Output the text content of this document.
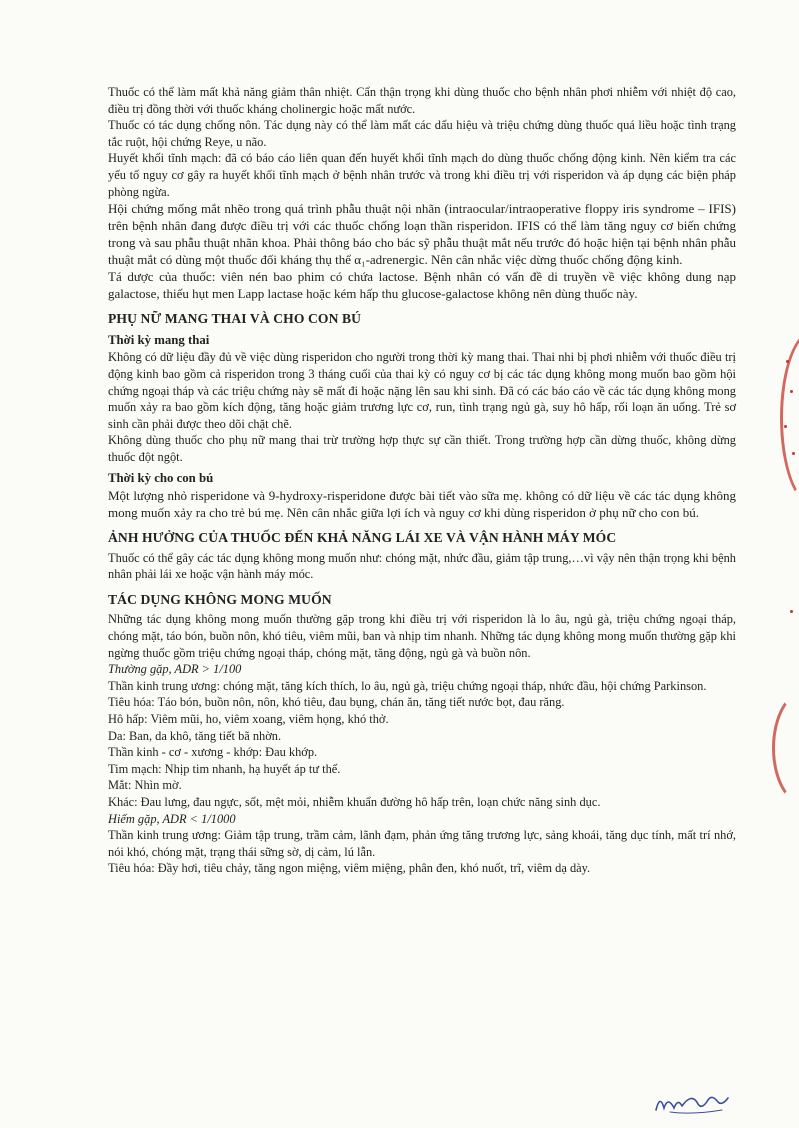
Thuốc có thể làm mất khả năng giảm thân nhiệt. Cẩn thận trọng khi dùng thuốc cho bệnh nhân phơi nhiễm với nhiệt độ cao, điều trị đồng thời với thuốc kháng cholinergic hoặc mất nước.

Thuốc có tác dụng chống nôn. Tác dụng này có thể làm mất các dấu hiệu và triệu chứng dùng thuốc quá liều hoặc tình trạng tắc ruột, hội chứng Reye, u não.

Huyết khối tĩnh mạch: đã có báo cáo liên quan đến huyết khối tĩnh mạch do dùng thuốc chống động kinh. Nên kiểm tra các yếu tố nguy cơ gây ra huyết khối tĩnh mạch ở bệnh nhân trước và trong khi điều trị với risperidon và áp dụng các biện pháp phòng ngừa.

Hội chứng mống mắt nhẽo trong quá trình phẫu thuật nội nhãn (intraocular/intraoperative floppy iris syndrome – IFIS) trên bệnh nhân đang được điều trị với các thuốc chống loạn thần risperidon. IFIS có thể làm tăng nguy cơ biến chứng trong và sau phẫu thuật nhãn khoa. Phải thông báo cho bác sỹ phẫu thuật mắt nếu trước đó hoặc hiện tại bệnh nhân phẫu thuật mắt có dùng một thuốc đối kháng thụ thể α₁-adrenergic. Nên cân nhắc việc dừng thuốc chống động kinh.

Tá dược của thuốc: viên nén bao phim có chứa lactose. Bệnh nhân có vấn đề di truyền về việc không dung nạp galactose, thiếu hụt men Lapp lactase hoặc kém hấp thu glucose-galactose không nên dùng thuốc này.

PHỤ NỮ MANG THAI VÀ CHO CON BÚ
Thời kỳ mang thai

Không có dữ liệu đầy đủ về việc dùng risperidon cho người trong thời kỳ mang thai. Thai nhi bị phơi nhiễm với thuốc điều trị động kinh bao gồm cả risperidon trong 3 tháng cuối của thai kỳ có nguy cơ bị các tác dụng không mong muốn bao gồm hội chứng ngoại tháp và các triệu chứng này sẽ mất đi hoặc nặng lên sau khi sinh. Đã có các báo cáo về các tác dụng không mong muốn xảy ra bao gồm kích động, tăng hoặc giảm trương lực cơ, run, tình trạng ngủ gà, suy hô hấp, rối loạn ăn uống. Trẻ sơ sinh cần phải được theo dõi chặt chẽ.

Không dùng thuốc cho phụ nữ mang thai trừ trường hợp thực sự cần thiết. Trong trường hợp cần dừng thuốc, không dừng thuốc đột ngột.

Thời kỳ cho con bú

Một lượng nhỏ risperidone và 9-hydroxy-risperidone được bài tiết vào sữa mẹ. không có dữ liệu về các tác dụng không mong muốn xảy ra cho trẻ bú mẹ. Nên cân nhắc giữa lợi ích và nguy cơ khi dùng risperidon ở phụ nữ cho con bú.

ẢNH HƯỞNG CỦA THUỐC ĐẾN KHẢ NĂNG LÁI XE VÀ VẬN HÀNH MÁY MÓC

Thuốc có thể gây các tác dụng không mong muốn như: chóng mặt, nhức đầu, giảm tập trung,…vì vậy nên thận trọng khi bệnh nhân phải lái xe hoặc vận hành máy móc.

TÁC DỤNG KHÔNG MONG MUỐN

Những tác dụng không mong muốn thường gặp trong khi điều trị với risperidon là lo âu, ngủ gà, triệu chứng ngoại tháp, chóng mặt, táo bón, buồn nôn, khó tiêu, viêm mũi, ban và nhịp tim nhanh. Những tác dụng không mong muốn thường gặp khi ngừng thuốc gồm triệu chứng ngoại tháp, chóng mặt, tăng động, ngủ gà và buồn nôn.

Thường gặp, ADR > 1/100

Thần kinh trung ương: chóng mặt, tăng kích thích, lo âu, ngủ gà, triệu chứng ngoại tháp, nhức đầu, hội chứng Parkinson.

Tiêu hóa: Táo bón, buồn nôn, nôn, khó tiêu, đau bụng, chán ăn, tăng tiết nước bọt, đau răng.

Hô hấp: Viêm mũi, ho, viêm xoang, viêm họng, khó thở.

Da: Ban, da khô, tăng tiết bã nhờn.

Thần kinh - cơ - xương - khớp: Đau khớp.

Tim mạch: Nhịp tim nhanh, hạ huyết áp tư thế.

Mắt: Nhìn mờ.

Khác: Đau lưng, đau ngực, sốt, mệt mỏi, nhiễm khuẩn đường hô hấp trên, loạn chức năng sinh dục.

Hiếm gặp, ADR < 1/1000

Thần kinh trung ương: Giảm tập trung, trầm cảm, lãnh đạm, phản ứng tăng trương lực, sảng khoái, tăng dục tính, mất trí nhớ, nói khó, chóng mặt, trạng thái sững sờ, dị cảm, lú lẫn.

Tiêu hóa: Đầy hơi, tiêu chảy, tăng ngon miệng, viêm miệng, phân đen, khó nuốt, trĩ, viêm dạ dày.
